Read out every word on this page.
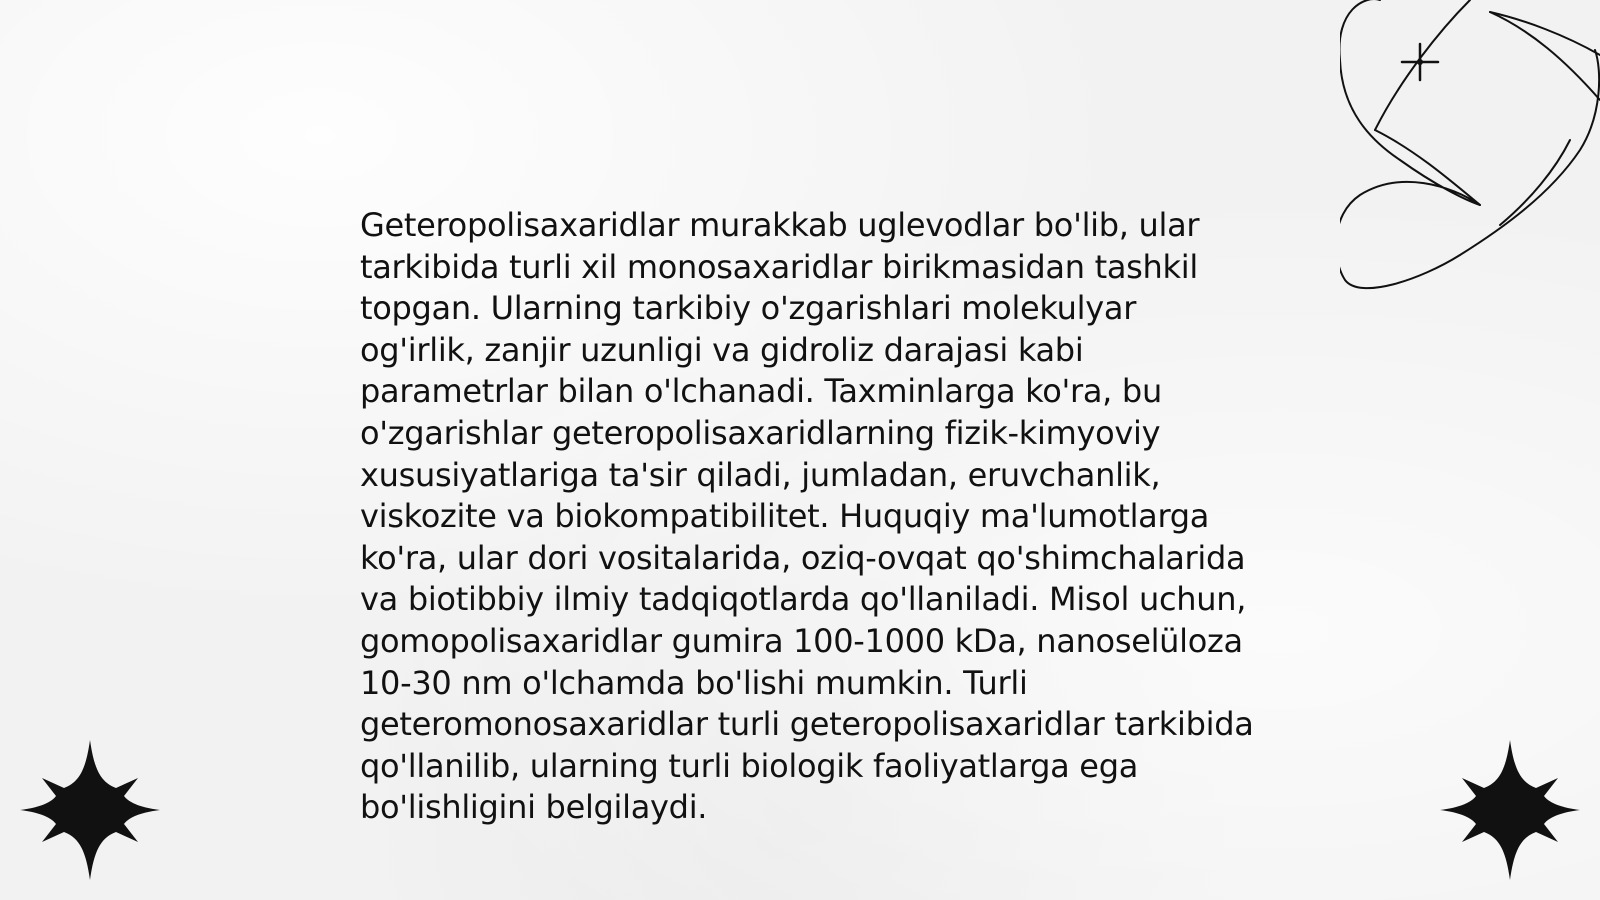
Geteropolisaxaridlar murakkab uglevodlar bo'lib, ular tarkibida turli xil monosaxaridlar birikmasidan tashkil topgan. Ularning tarkibiy o'zgarishlari molekulyar og'irlik, zanjir uzunligi va gidroliz darajasi kabi parametrlar bilan o'lchanadi. Taxminlarga ko'ra, bu o'zgarishlar geteropolisaxaridlarning fizik-kimyoviy xususiyatlariga ta'sir qiladi, jumladan, eruvchanlik, viskozite va biokompatibilitet. Huquqiy ma'lumotlarga ko'ra, ular dori vositalarida, oziq-ovqat qo'shimchalarida va biotibbiy ilmiy tadqiqotlarda qo'llaniladi. Misol uchun, gomopolisaxaridlar gumira 100-1000 kDa, nanoselüloza 10-30 nm o'lchamda bo'lishi mumkin. Turli geteromonosaxaridlar turli geteropolisaxaridlar tarkibida qo'llanilib, ularning turli biologik faoliyatlarga ega bo'lishligini belgilaydi.
